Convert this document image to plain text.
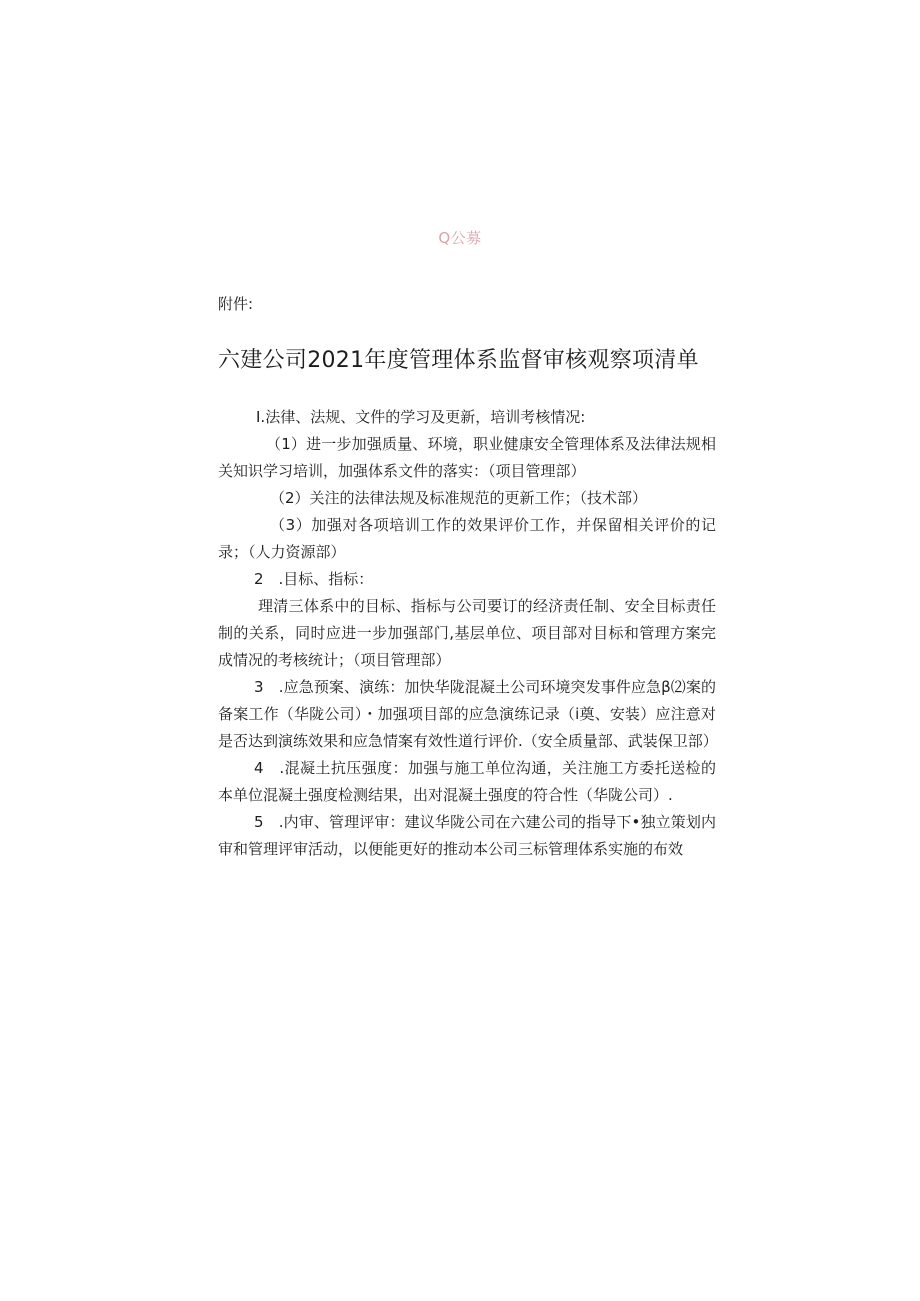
Q公募
附件:
六建公司2021年度管理体系监督审核观察项清单

I.法律、法规、文件的学习及更新，培训考核情况:

（1）进一步加强质量、环境，职业健康安全管理体系及法律法规相关知识学习培训，加强体系文件的落实：（项目管理部）

（2）关注的法律法规及标准规范的更新工作；（技术部）

（3）加强对各项培训工作的效果评价工作，并保留相关评价的记录；（人力资源部）

2　.目标、指标：

理清三体系中的目标、指标与公司要订的经济责任制、安全目标责任制的关系，同时应进一步加强部门,基层单位、项目部对目标和管理方案完成情况的考核统计；（项目管理部）

3　.应急预案、演练：加快华陇混凝土公司环境突发事件应急β⑵案的备案工作（华陇公司）・加强项目部的应急演练记录（i奠、安装）应注意对是否达到演练效果和应急情案有效性道行评价.（安全质量部、武装保卫部）

4　.混凝土抗压强度：加强与施工单位沟通，关注施工方委托送检的本单位混凝土强度检测结果，出对混凝土强度的符合性（华陇公司）.

5　.内审、管理评审：建议华陇公司在六建公司的指导下•独立策划内审和管理评审活动，以便能更好的推动本公司三标管理体系实施的布效
